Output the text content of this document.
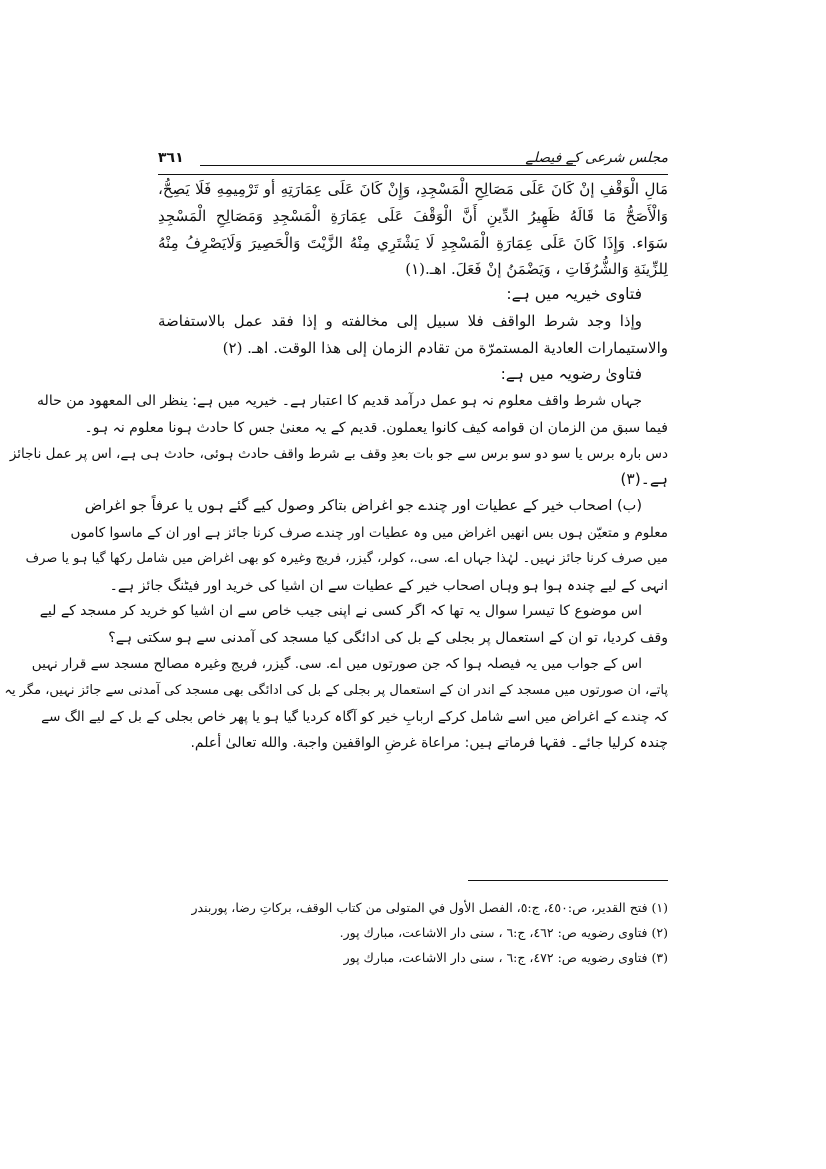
مجلس شرعی کے فیصلے
۳٦۱
مَالِ الْوَقْفِ إنْ كَانَ عَلَى مَصَالِحِ الْمَسْجِدِ، وَإِنْ كَانَ عَلَى عِمَارَتِهِ أو تَرْمِيمِهِ فَلَا يَصِحُّ،
وَالْأَصَحُّ مَا قَالَهُ ظَهِيرُ الدِّينِ أَنَّ الْوَقْفَ عَلَى عِمَارَةِ الْمَسْجِدِ وَمَصَالِحِ الْمَسْجِدِ
سَوَاء. وَإِذَا كَانَ عَلَى عِمَارَةِ الْمَسْجِدِ لَا يَشْتَرِي مِنْهُ الزَّيْتَ وَالْحَصِيرَ وَلَايَصْرِفُ مِنْهُ
لِلزِّينَةِ وَالشُّرُفَاتِ ، وَيَضْمَنُ إنْ فَعَلَ. اهـ.(۱)
فتاوی خیریہ میں ہے:
وإذا وجد شرط الواقف فلا سبيل إلى مخالفته و إذا فقد عمل بالاستفاضة
والاستيمارات العادية المستمرّة من تقادم الزمان إلى هذا الوقت. اهـ. (۲)
فتاویٰ رضویہ میں ہے:
جہاں شرط واقف معلوم نہ ہو عمل درآمد قدیم کا اعتبار ہے۔ خیریہ میں ہے: ينظر الى المعهود من حاله
فیما سبق من الزمان ان قوامه كيف كانوا يعملون. قدیم کے یہ معنیٰ جس کا حادث ہونا معلوم نہ ہو۔
دس بارہ برس یا سو دو سو برس سے جو بات بعدِ وقف بے شرط واقف حادث ہوئی، حادث ہی ہے، اس پر عمل ناجائز
ہے۔(۳)
(ب) اصحاب خیر کے عطیات اور چندے جو اغراض بتاکر وصول کیے گئے ہوں یا عرفاً جو اغراض
معلوم و متعیّن ہوں بس انھیں اغراض میں وہ عطیات اور چندے صرف کرنا جائز ہے اور ان کے ماسوا کاموں
میں صرف کرنا جائز نہیں۔ لہٰذا جہاں اے. سی.، کولر، گیزر، فریج وغیرہ کو بھی اغراض میں شامل رکھا گیا ہو یا صرف
انہی کے لیے چندہ ہوا ہو وہاں اصحاب خیر کے عطیات سے ان اشیا کی خرید اور فیٹنگ جائز ہے۔
اس موضوع کا تیسرا سوال یہ تھا کہ اگر کسی نے اپنی جیب خاص سے ان اشیا کو خرید کر مسجد کے لیے
وقف کردیا، تو ان کے استعمال پر بجلی کے بل کی ادائگی کیا مسجد کی آمدنی سے ہو سکتی ہے؟
اس کے جواب میں یہ فیصلہ ہوا کہ جن صورتوں میں اے. سی. گیزر، فریج وغیرہ مصالح مسجد سے قرار نہیں
پاتے، ان صورتوں میں مسجد کے اندر ان کے استعمال پر بجلی کے بل کی ادائگی بھی مسجد کی آمدنی سے جائز نہیں، مگر یہ
کہ چندے کے اغراض میں اسے شامل کرکے اربابِ خیر کو آگاہ کردیا گیا ہو یا پھر خاص بجلی کے بل کے لیے الگ سے
چندہ کرلیا جائے۔ فقہا فرماتے ہیں: مراعاة غرضِ الواقفين واجبة. والله تعالىٰ أعلم.
(۱) فتح القدير، ص:٤٥٠، ج:٥، الفصل الأول في المتولى من كتاب الوقف، بركاتِ رضا، پوربندر
(۲) فتاوى رضويه ص: ٤٦٢، ج:٦ ، سنى دار الاشاعت، مبارك پور.
(۳) فتاوى رضويه ص: ٤٧٢، ج:٦ ، سنى دار الاشاعت، مبارك پور
